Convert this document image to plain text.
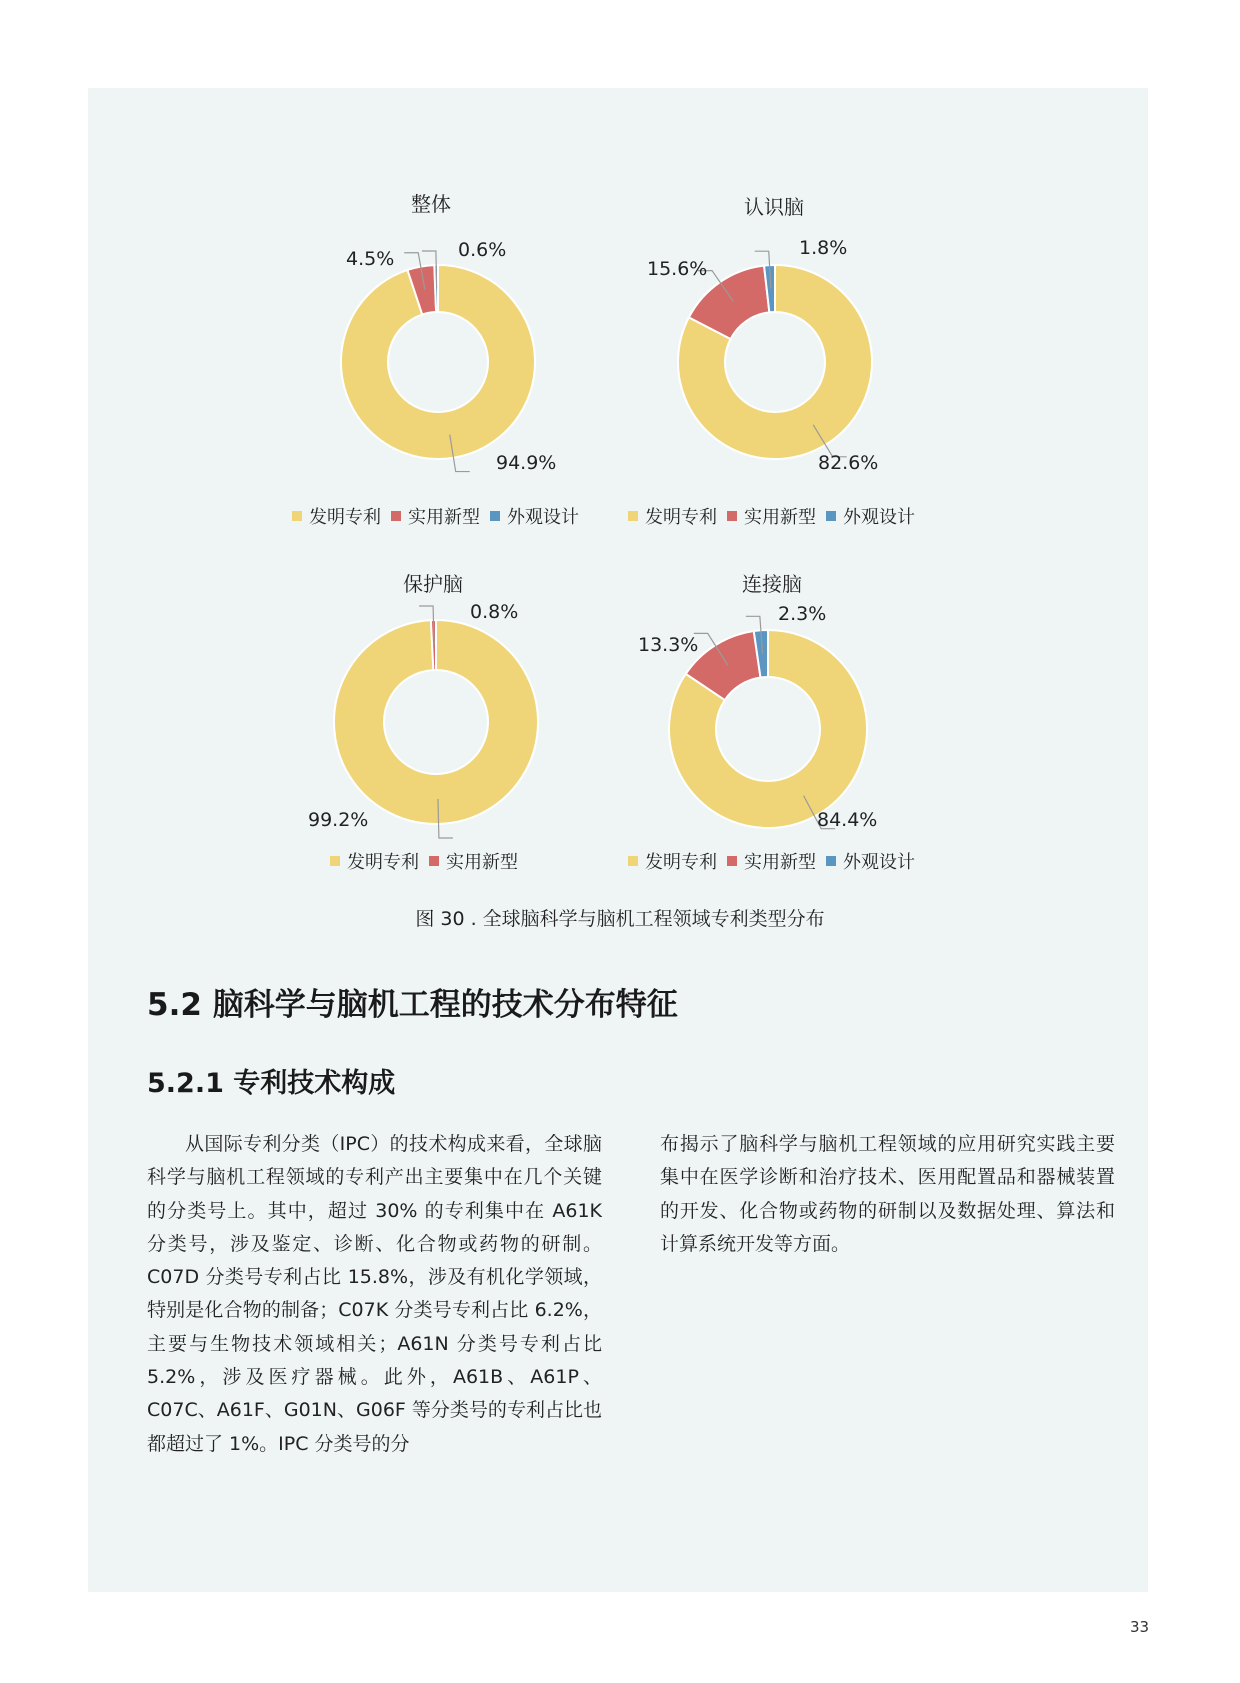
整体
94.9%
4.5%	0.6%
发明专利 实用新型 外观设计
认识脑
82.6%
15.6%
1.8%
发明专利 实用新型 外观设计
保护脑
99.2%
0.8%
发明专利 实用新型
连接脑
84.4%
13.3%
2.3%
发明专利 实用新型 外观设计
图 30 . 全球脑科学与脑机工程领域专利类型分布
5.2 脑科学与脑机工程的技术分布特征
5.2.1 专利技术构成
从国际专利分类（IPC）的技术构成来看，全球脑科学与脑机工程领域的专利产出主要集中在几个关键的分类号上。其中，超过 30% 的专利集中在 A61K 分类号，涉及鉴定、诊断、化合物或药物的研制。C07D 分类号专利占比 15.8%，涉及有机化学领域，特别是化合物的制备；C07K 分类号专利占比 6.2%，主要与生物技术领域相关；A61N 分类号专利占比 5.2%，涉及医疗器械。此外，A61B、A61P、C07C、A61F、G01N、G06F 等分类号的专利占比也都超过了 1%。IPC 分类号的分
布揭示了脑科学与脑机工程领域的应用研究实践主要集中在医学诊断和治疗技术、医用配置品和器械装置的开发、化合物或药物的研制以及数据处理、算法和计算系统开发等方面。
33
